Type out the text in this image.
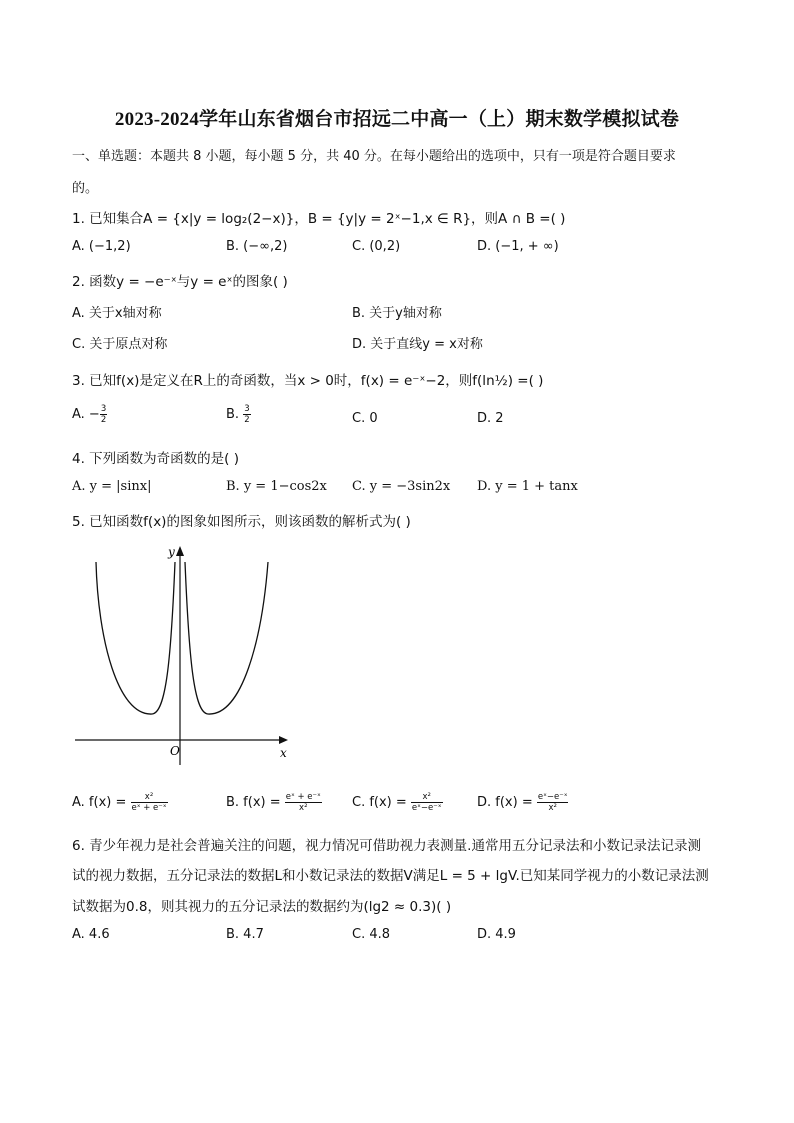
2023-2024学年山东省烟台市招远二中高一（上）期末数学模拟试卷
一、单选题：本题共 8 小题，每小题 5 分，共 40 分。在每小题给出的选项中，只有一项是符合题目要求
的。
1. 已知集合A = {x|y = log₂(2−x)}，B = {y|y = 2ˣ−1,x ∈ R}，则A ∩ B =( )
A. (−1,2)	B. (−∞,2)	C. (0,2)	D. (−1, + ∞)
2. 函数y = −e⁻ˣ与y = eˣ的图象( )
A. 关于x轴对称	B. 关于y轴对称
C. 关于原点对称	D. 关于直线y = x对称
3. 已知f(x)是定义在R上的奇函数，当x > 0时，f(x) = e⁻ˣ−2，则f(ln½) =( )
A. − $\frac{3}{2}$	B. $\frac{3}{2}$	C. 0	D. 2
4. 下列函数为奇函数的是( )
A. y = |sinx|	B. y = 1−cos2x C. y = −3sin2x D. y = 1 + tanx
5. 已知函数f(x)的图象如图所示，则该函数的解析式为( )
y
x
O
A. $f(x) = \frac{\text{x²}}{\text{eˣ + e⁻ˣ}}$	B. $f(x) = \frac{\text{eˣ + e⁻ˣ}}{\text{x²}} C$. $f(x) = \frac{\text{x²}}{\text{eˣ−e⁻ˣ}}$	D. $f(x) = \frac{\text{eˣ−e⁻ˣ}}{\text{x²}}$
6. 青少年视力是社会普遍关注的问题，视力情况可借助视力表测量.通常用五分记录法和小数记录法记录测
试的视力数据，五分记录法的数据L和小数记录法的数据V满足L = 5 + lgV.已知某同学视力的小数记录法测
试数据为0.8，则其视力的五分记录法的数据约为(lg2 ≈ 0.3)( )
A. 4.6	B. 4.7	C. 4.8	D. 4.9
